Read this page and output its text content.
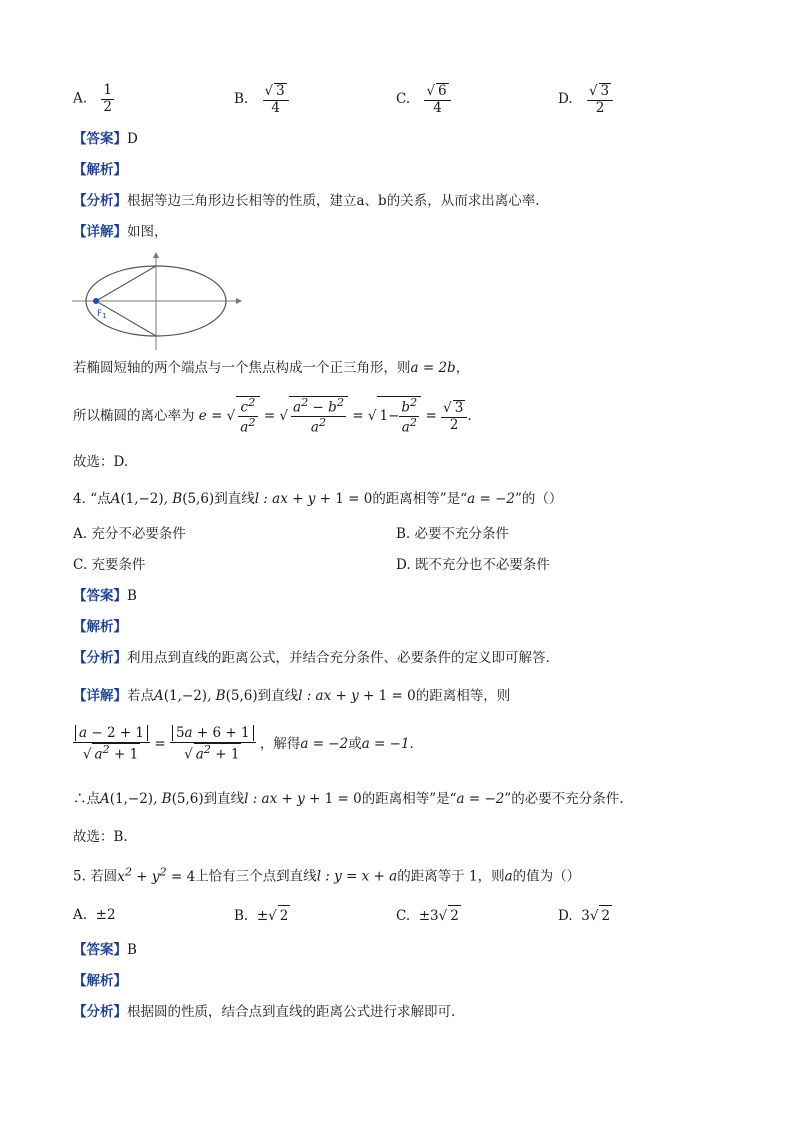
A. $\frac{1}{2}$	B. $\frac{√ 3}{4}$	C. $\frac{√ 6}{4}$	D. $\frac{√ 3}{2}$
【答案】D
【解析】
【分析】根据等边三角形边长相等的性质，建立a、b的关系，从而求出离心率.
【详解】如图，
$F_1$
若椭圆短轴的两个端点与一个焦点构成一个正三角形，则a = 2b，
所以椭圆的离心率为 e = √ $\frac{c^2}{a^2}$ = √ $\frac{a^2 - b^2}{a^2}$ = √ $1- \frac{b^2}{a^2} = \frac{√ 3}{2}$ .
故选：D.
4. “点A(1,−2), B(5,6)到直线l : ax + y + 1 = 0的距离相等”是“a = −2”的（）
A. 充分不必要条件	B. 必要不充分条件
C. 充要条件	D. 既不充分也不必要条件
【答案】B
【解析】
【分析】利用点到直线的距离公式，并结合充分条件、必要条件的定义即可解答.
【详解】若点A(1,−2), B(5,6)到直线l : ax + y + 1 = 0的距离相等，则
$\frac{a - 2 + 1}{√ a^2 + 1} = \frac{5a + 6 + 1}{√ a^2 + 1}$ ，解得a = −2或a = −1.
∴点A(1,−2), B(5,6)到直线l : ax + y + 1 = 0的距离相等”是“a = −2”的必要不充分条件.
故选：B.
5. 若圆$x^2 + y^2 = 4$上恰有三个点到直线l : y = x + a的距离等于 1，则a的值为（）
A. ±2	B. ±√ 2	C. ±3√ 2	D. 3√ 2
【答案】B
【解析】
【分析】根据圆的性质，结合点到直线的距离公式进行求解即可.
